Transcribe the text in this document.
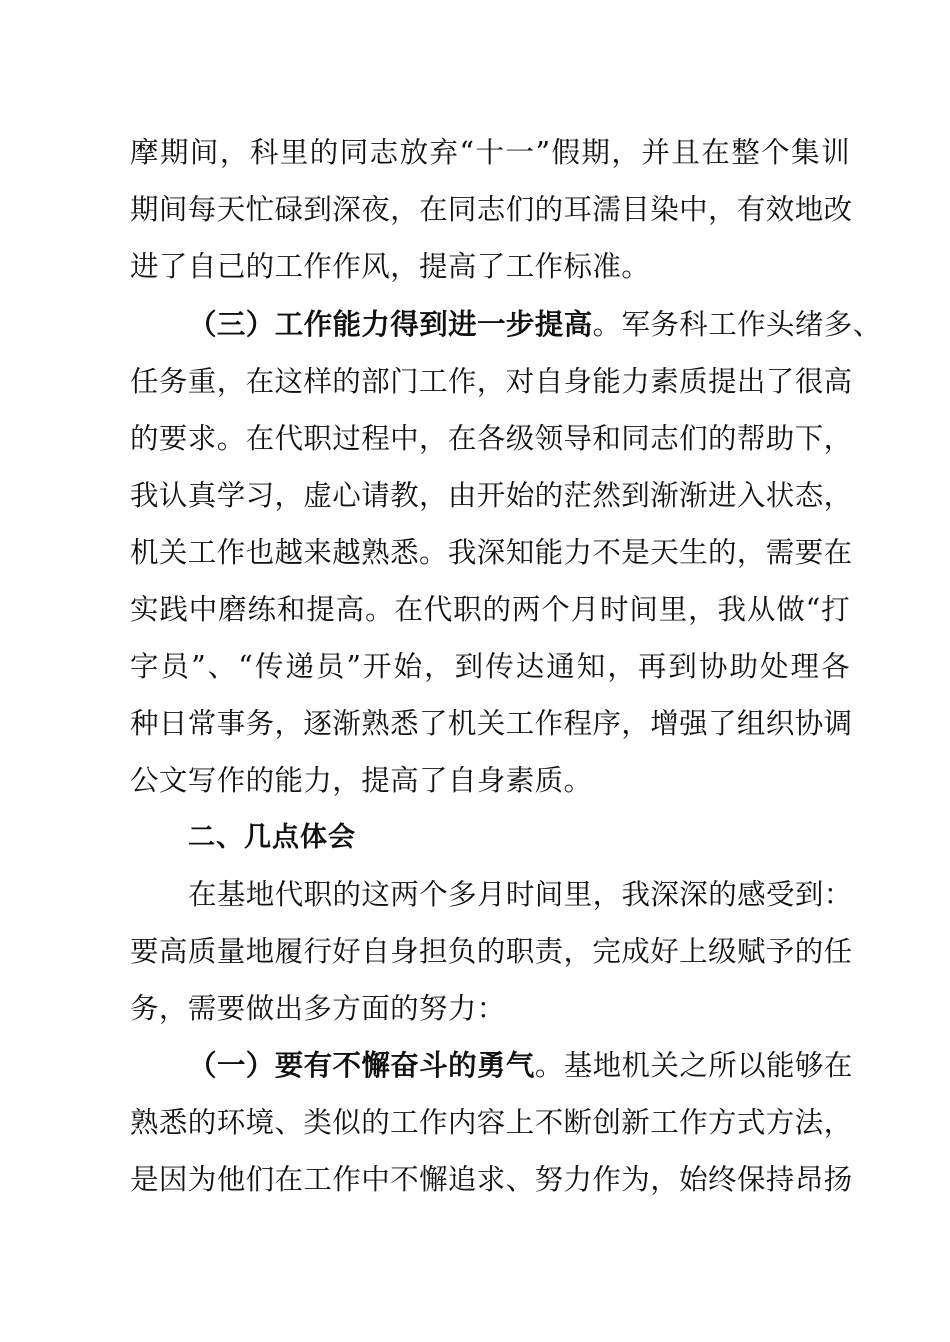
摩期间，科里的同志放弃“十一”假期，并且在整个集训
期间每天忙碌到深夜，在同志们的耳濡目染中，有效地改
进了自己的工作作风，提高了工作标准。
（三）工作能力得到进一步提高。军务科工作头绪多、
任务重，在这样的部门工作，对自身能力素质提出了很高
的要求。在代职过程中，在各级领导和同志们的帮助下，
我认真学习，虚心请教，由开始的茫然到渐渐进入状态，
机关工作也越来越熟悉。我深知能力不是天生的，需要在
实践中磨练和提高。在代职的两个月时间里，我从做“打
字员”、“传递员”开始，到传达通知，再到协助处理各
种日常事务，逐渐熟悉了机关工作程序，增强了组织协调
公文写作的能力，提高了自身素质。
二、几点体会
在基地代职的这两个多月时间里，我深深的感受到：
要高质量地履行好自身担负的职责，完成好上级赋予的任
务，需要做出多方面的努力：
（一）要有不懈奋斗的勇气。基地机关之所以能够在
熟悉的环境、类似的工作内容上不断创新工作方式方法，
是因为他们在工作中不懈追求、努力作为，始终保持昂扬
